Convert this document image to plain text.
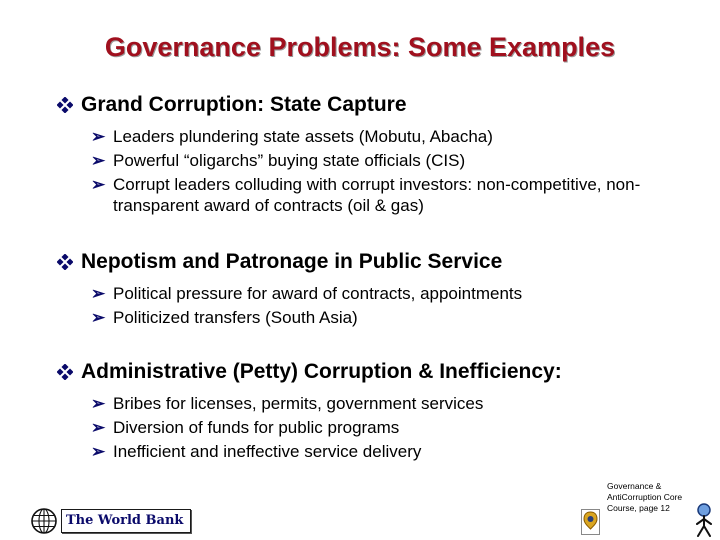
Governance Problems: Some Examples
Grand Corruption: State Capture
➢ Leaders plundering state assets (Mobutu, Abacha)
➢ Powerful “oligarchs” buying state officials (CIS)
➢ Corrupt leaders colluding with corrupt investors: non-competitive, non-transparent award of contracts (oil & gas)
Nepotism and Patronage in Public Service
➢ Political pressure for award of contracts, appointments
➢ Politicized transfers (South Asia)
Administrative (Petty) Corruption & Inefficiency:
➢ Bribes for licenses, permits, government services
➢ Diversion of funds for public programs
➢ Inefficient and ineffective service delivery
The World Bank
Governance &
AntiCorruption Core
Course, page 12
